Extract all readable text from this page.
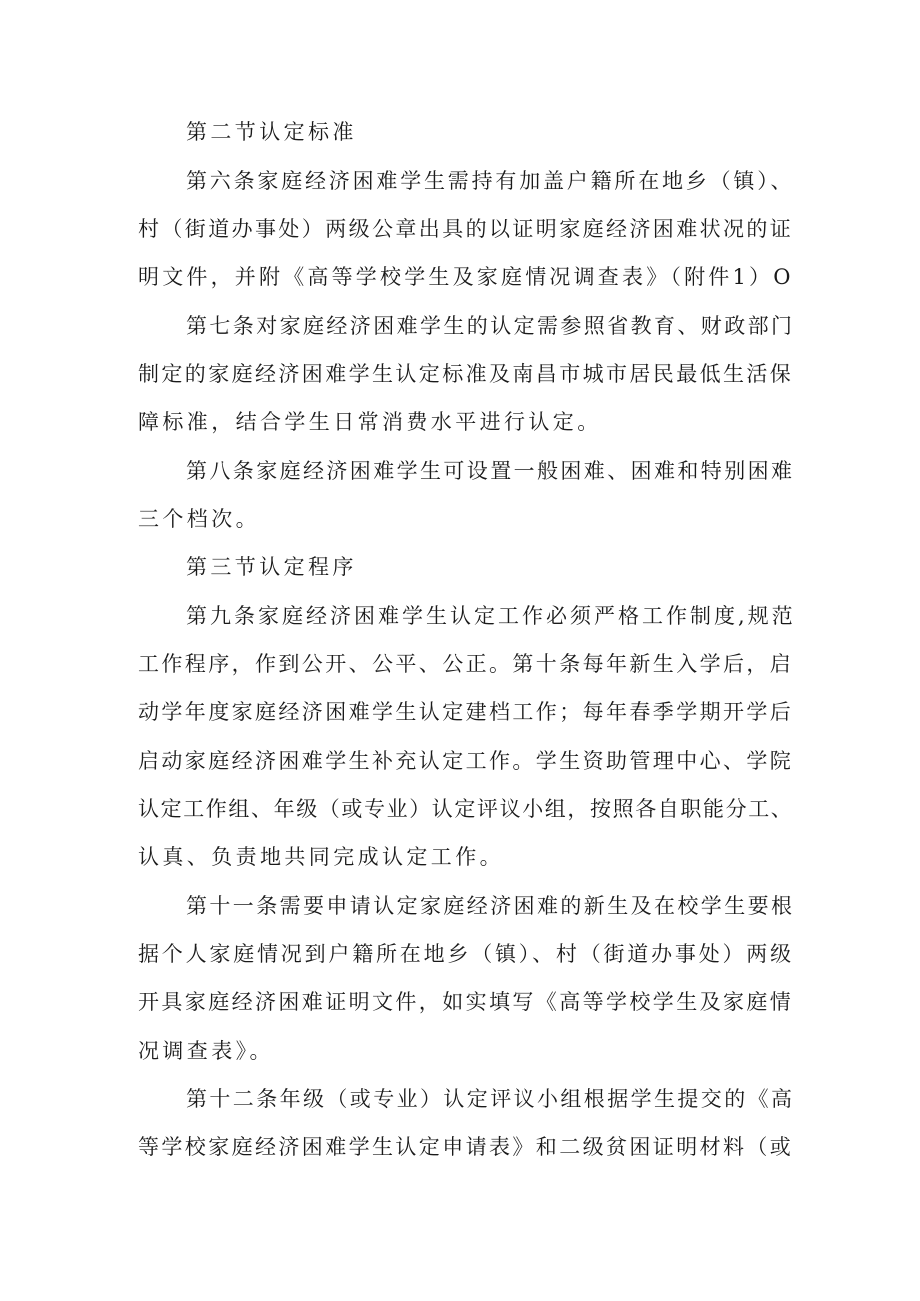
第二节认定标准
第六条家庭经济困难学生需持有加盖户籍所在地乡（镇）、
村（街道办事处）两级公章出具的以证明家庭经济困难状况的证
明文件，并附《高等学校学生及家庭情况调查表》（附件1）O
第七条对家庭经济困难学生的认定需参照省教育、财政部门
制定的家庭经济困难学生认定标准及南昌市城市居民最低生活保
障标准，结合学生日常消费水平进行认定。
第八条家庭经济困难学生可设置一般困难、困难和特别困难
三个档次。
第三节认定程序
第九条家庭经济困难学生认定工作必须严格工作制度,规范
工作程序，作到公开、公平、公正。第十条每年新生入学后，启
动学年度家庭经济困难学生认定建档工作；每年春季学期开学后
启动家庭经济困难学生补充认定工作。学生资助管理中心、学院
认定工作组、年级（或专业）认定评议小组，按照各自职能分工、
认真、负责地共同完成认定工作。
第十一条需要申请认定家庭经济困难的新生及在校学生要根
据个人家庭情况到户籍所在地乡（镇）、村（街道办事处）两级
开具家庭经济困难证明文件，如实填写《高等学校学生及家庭情
况调查表》。
第十二条年级（或专业）认定评议小组根据学生提交的《高
等学校家庭经济困难学生认定申请表》和二级贫困证明材料（或
